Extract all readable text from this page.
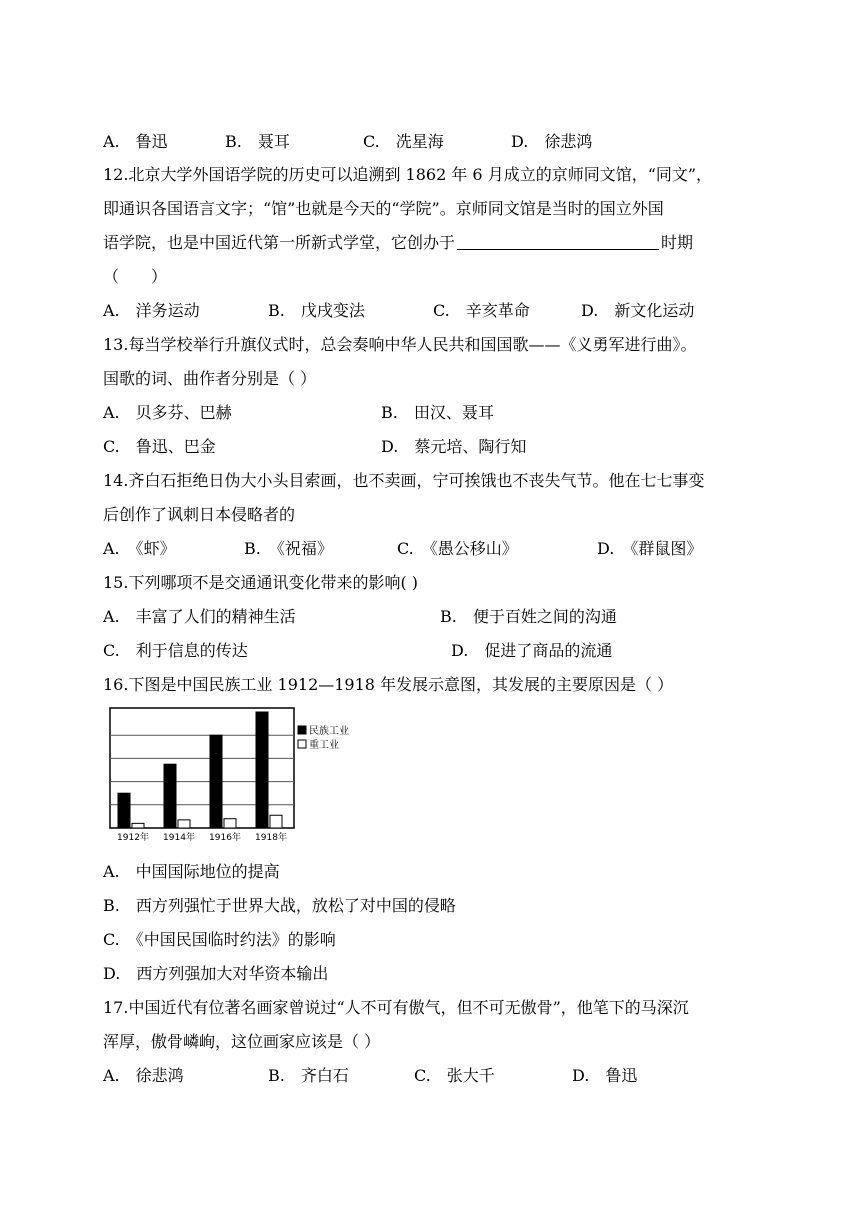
A.　鲁迅	B.　聂耳	C.　冼星海	D.　徐悲鸿
12.北京大学外国语学院的历史可以追溯到 1862 年 6 月成立的京师同文馆，“同文”，
即通识各国语言文字；“馆”也就是今天的“学院”。京师同文馆是当时的国立外国
语学院，也是中国近代第一所新式学堂，它创办于	时期
（　　）
A.　洋务运动	B.　戊戌变法	C.　辛亥革命	D.　新文化运动
13.每当学校举行升旗仪式时，总会奏响中华人民共和国国歌——《义勇军进行曲》。
国歌的词、曲作者分别是（ ）
A.　贝多芬、巴赫	B.　田汉、聂耳
C.　鲁迅、巴金	D.　蔡元培、陶行知
14.齐白石拒绝日伪大小头目索画，也不卖画，宁可挨饿也不丧失气节。他在七七事变
后创作了讽刺日本侵略者的
A.　《虾》	B.　《祝福》	C.　《愚公移山》	D.　《群鼠图》
15.下列哪项不是交通通讯变化带来的影响( )
A.　丰富了人们的精神生活	B.　便于百姓之间的沟通
C.　利于信息的传达	D.　促进了商品的流通
16.下图是中国民族工业 1912—1918 年发展示意图，其发展的主要原因是（ ）
1912年 1914年 1916年 1918年
民族工业
重工业
A.　中国国际地位的提高
B.　西方列强忙于世界大战，放松了对中国的侵略
C.　《中国民国临时约法》的影响
D.　西方列强加大对华资本输出
17.中国近代有位著名画家曾说过“人不可有傲气，但不可无傲骨”，他笔下的马深沉
浑厚，傲骨嶙峋，这位画家应该是（ ）
A.　徐悲鸿	B.　齐白石	C.　张大千	D.　鲁迅
